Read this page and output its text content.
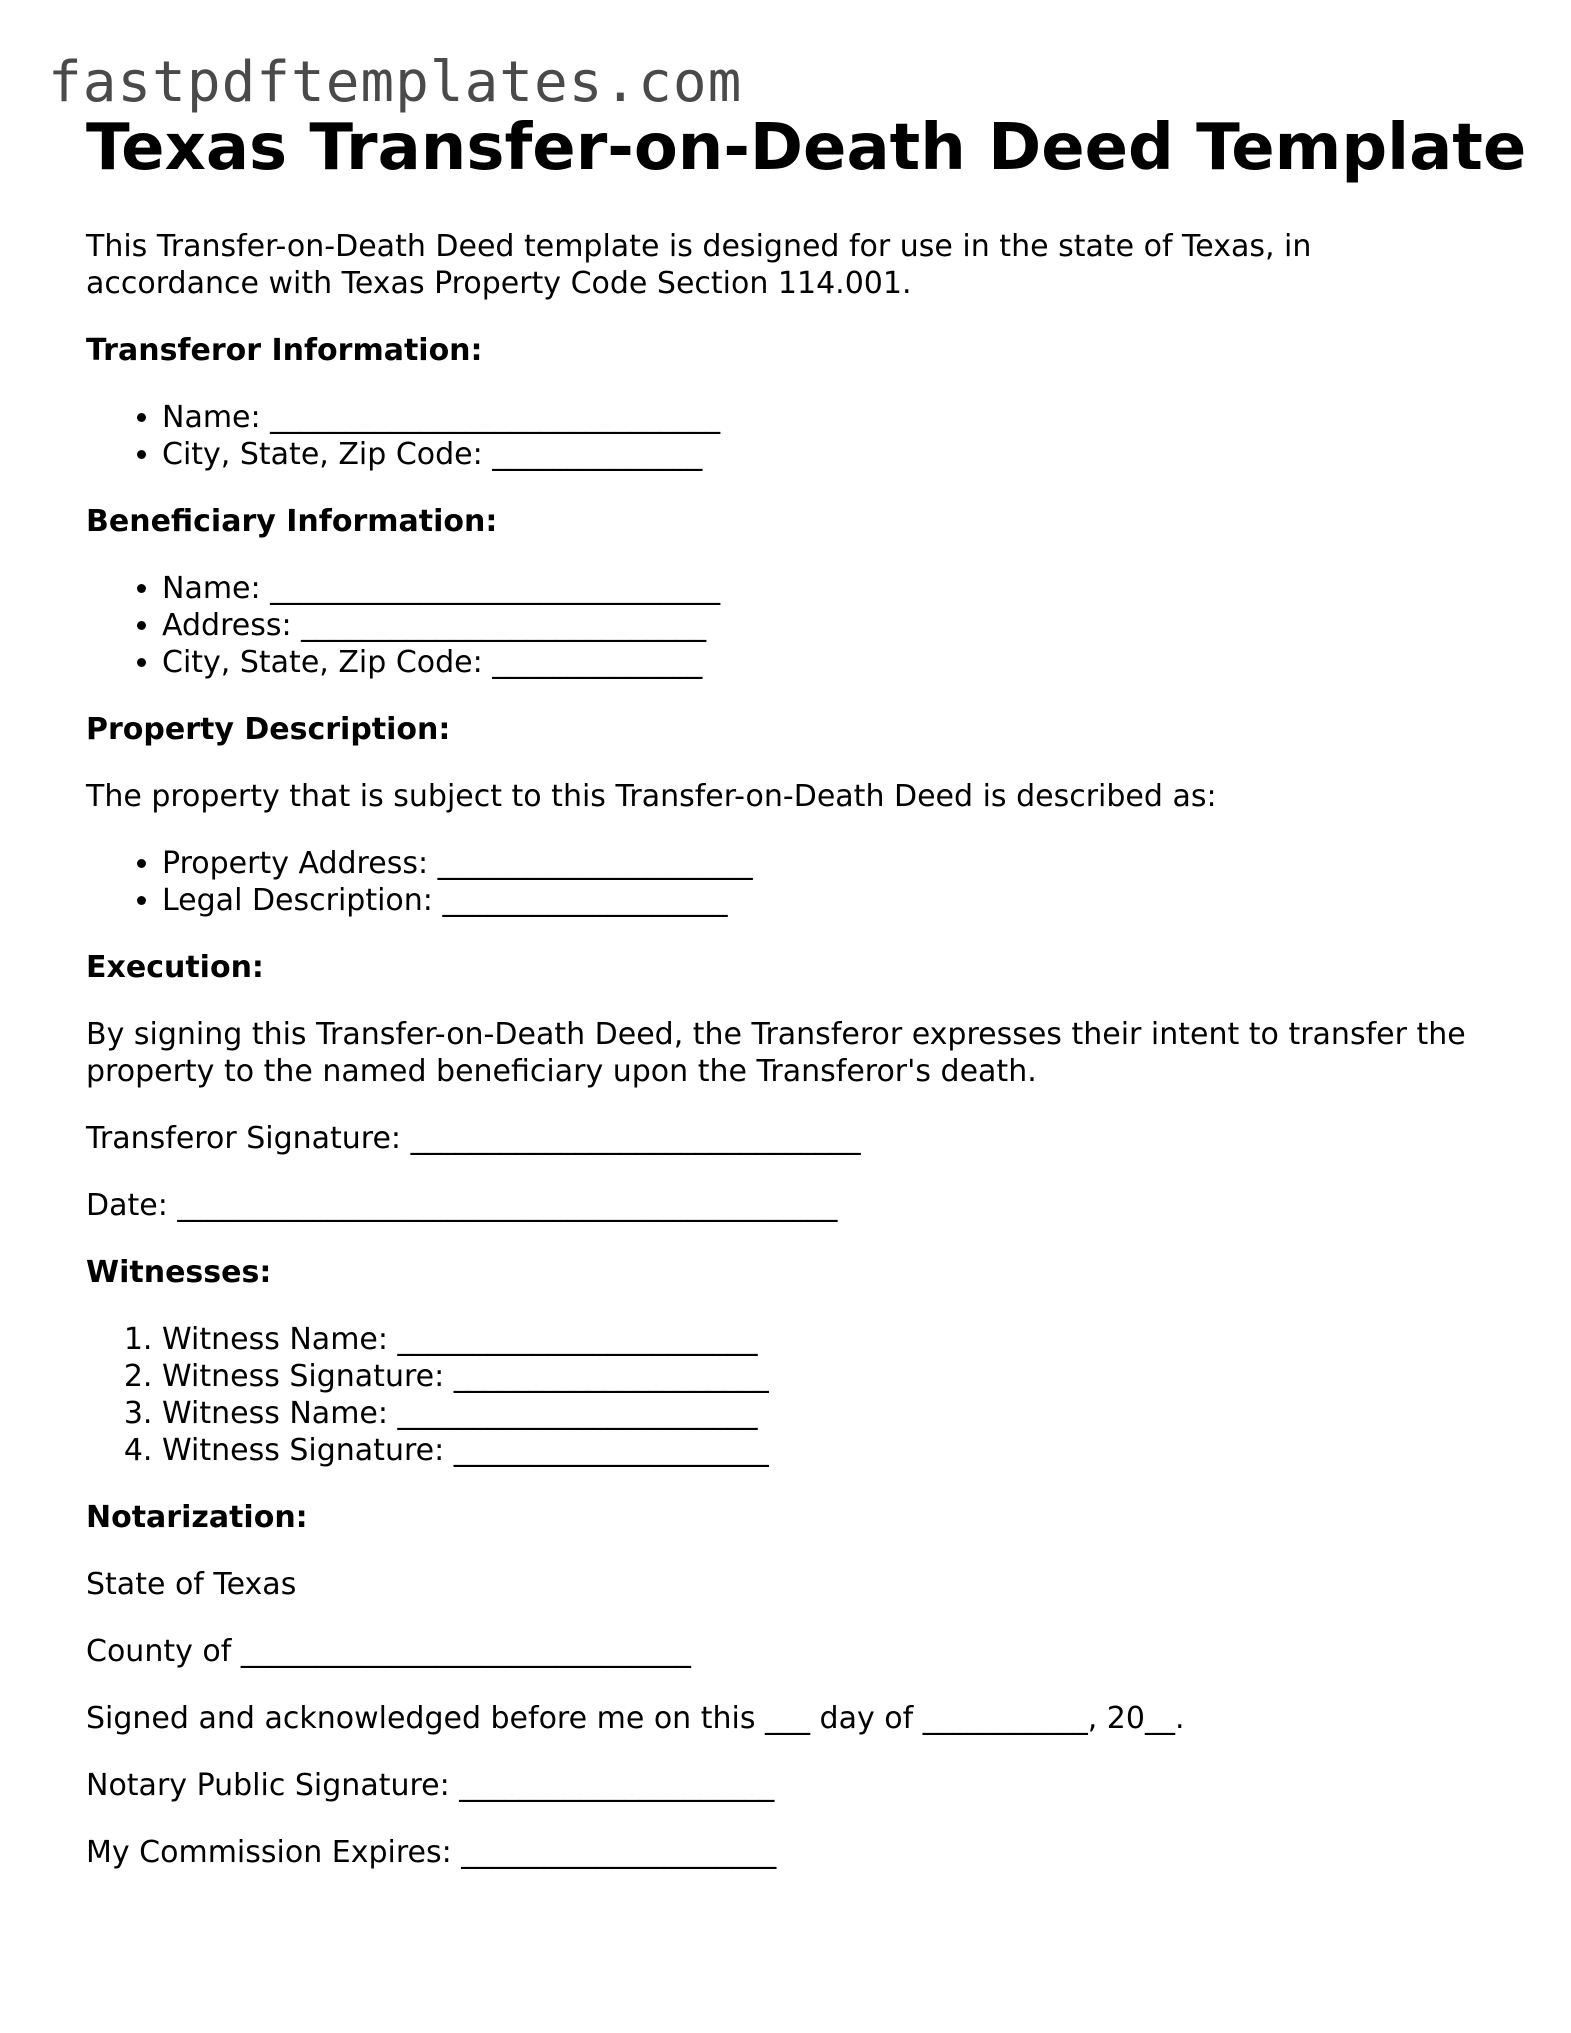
fastpdftemplates.com
Texas Transfer-on-Death Deed Template

This Transfer-on-Death Deed template is designed for use in the state of Texas, in accordance with Texas Property Code Section 114.001.

Transferor Information:
• Name: ______________________________
• City, State, Zip Code: ______________
Beneficiary Information:
• Name: ______________________________
• Address: ___________________________
• City, State, Zip Code: ______________
Property Description:

The property that is subject to this Transfer-on-Death Deed is described as:

• Property Address: _____________________
• Legal Description: ___________________
Execution:

By signing this Transfer-on-Death Deed, the Transferor expresses their intent to transfer the property to the named beneficiary upon the Transferor's death.

Transferor Signature: ______________________________

Date: ____________________________________________

Witnesses:
1. Witness Name: ________________________
2. Witness Signature: _____________________
3. Witness Name: ________________________
4. Witness Signature: _____________________
Notarization:

State of Texas

County of ______________________________

Signed and acknowledged before me on this ___ day of ___________, 20__.

Notary Public Signature: _____________________

My Commission Expires: _____________________
